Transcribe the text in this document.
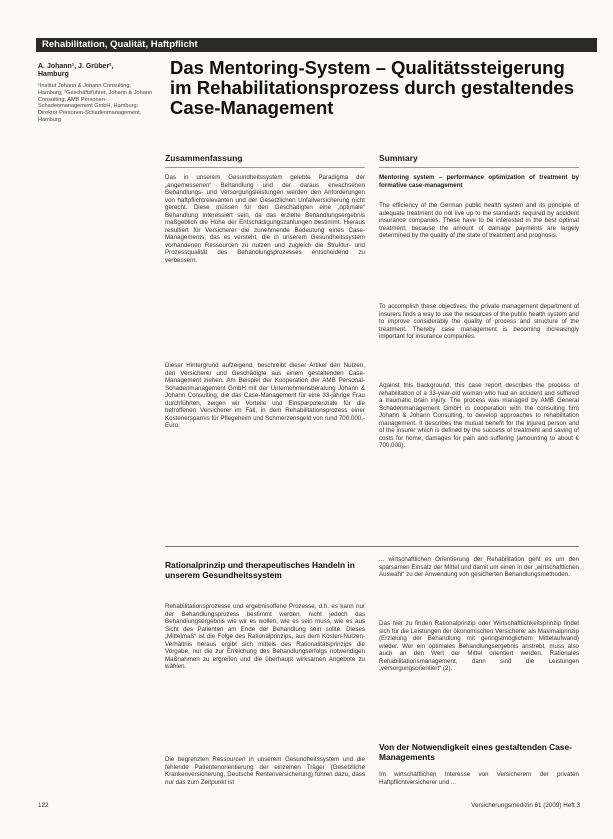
Rehabilitation, Qualität, Haftpflicht
A. Johann¹, J. Grüber², Hamburg
¹Institut Johann & Johann Consulting, Hamburg; ²Geschäftsführer, Johann & Johann Consulting; AMB Personen-Schadenmanagement GmbH, Hamburg; Direktor Personen-Schadenmanagement, Hamburg
Das Mentoring-System – Qualitätssteigerung im Rehabilitationsprozess durch gestaltendes Case-Management
Zusammenfassung
Das in unserem Gesundheitssystem gelebte Paradigma der „angemessenen“ Behandlung und der daraus erwachsenen Behandlungs- und Versorgungsleistungen werden den Anforderungen von haftpflichtrelevanten und der Gesetzlichen Unfallversicherung nicht gerecht. Diese müssen für den Geschädigten eine „optimale“ Behandlung interessiert sein, da das erzielte Behandlungsergebnis maßgeblich die Höhe der Entschädigungszahlungen bestimmt. Hieraus resultiert für Versicherer die zunehmende Bedeutung eines Case-Managements, das es versteht, die in unserem Gesundheitssystem vorhandenen Ressourcen zu nutzen und zugleich die Struktur- und Prozessqualität des Behandlungsprozesses entscheidend zu verbessern.
Dieser Hintergrund aufzeigend, beschreibt dieser Artikel den Nutzen, den Versicherer und Geschädigte aus einem gestaltenden Case-Management ziehen. Am Beispiel der Kooperation der AMB Personal-Schadenmanagement GmbH mit der Unternehmensberatung Johann & Johann Consulting, die das Case-Management für eine 33-jährige Frau durchführten, zeigen wir Vorteile und Einsparpotenziale für die betroffenen Versicherer im Fall, in dem Rehabilitationsprozess einer Kostenersparnis für Pflegeheim und Schmerzensgeld von rund 700.000,- Euro.
Summary
Mentoring system – performance optimization of treatment by formative case-management
The efficiency of the German public health system and its principle of adequate treatment do not live up to the standards required by accident insurance companies. These have to be interested in the best optimal treatment, because the amount of damage payments are largely determined by the quality of the state of treatment and prognosis.
To accomplish these objectives, the private management department of insurers finds a way to use the resources of the public health system and to improve considerably the quality of process and structure of the treatment. Thereby case management is becoming increasingly important for insurance companies.
Against this background, this case report describes the process of rehabilitation of a 33-year-old woman who had an accident and suffered a traumatic brain injury. The process was managed by AMB General Schadenmanagement GmbH in cooperation with the consulting firm Johann & Johann Consulting, to develop approaches to rehabilitation management. It describes the mutual benefit for the injured person and of the insurer which is defined by the success of treatment and saving of costs for home, damages for pain and suffering (amounting to about € 700,000).
Rationalprinzip und therapeutisches Handeln in unserem Gesundheitssystem
Rehabilitationsprozesse und ergebnisoffene Prozesse, d.h. es kann nur der Behandlungsprozess bestimmt werden, nicht jedoch das Behandlungsergebnis wie wir es wollen, wie es sein muss, wie es aus Sicht des Patienten am Ende der Behandlung sein sollte. Dieses „Mittelmaß“ ist die Folge des Rationalprinzips, aus dem Kosten-Nutzen-Verhältnis heraus ergibt sich mittels des Rationalitätsprinzips die Vorgabe, nur die zur Erreichung des Behandlungserfolgs notwendigen Maßnahmen zu ergreifen und die überhaupt wirksamen Angebote zu wählen.
Die begrenzten Ressourcen in unserem Gesundheitssystem und die fehlende Patientenorientierung der einzelnen Träger (Gesetzliche Krankenversicherung, Deutsche Rentenversicherung) führen dazu, dass nur das zum Zeitpunkt ist
... wirtschaftlichen Orientierung der Rehabilitation geht es um den sparsamen Einsatz der Mittel und damit um einen in der „wirtschaftlichen Auswahl“ zu der Anwendung von gesicherten Behandlungsmethoden.
Das hier zu finden Rationalprinzip oder Wirtschaftlichkeitsprinzip findet sich für die Leistungen der ökonomischen Versicherer als Maximalprinzip (Erzielung der Behandlung mit geringstmöglichem Mittelaufwand) wieder. Wer ein optimales Behandlungsergebnis anstrebt, muss also auch an den Wert der Mittel orientiert werden. Rationales Rehabilitationsmanagement, dann sind die Leistungen „versorgungsorientiert“ (2).
Von der Notwendigkeit eines gestaltenden Case-Managements
Im wirtschaftlichen Interesse von Versicherern der privaten Haftpflichtversicherer und ...
122	Versicherungsmedizin 61 (2009) Heft 3
